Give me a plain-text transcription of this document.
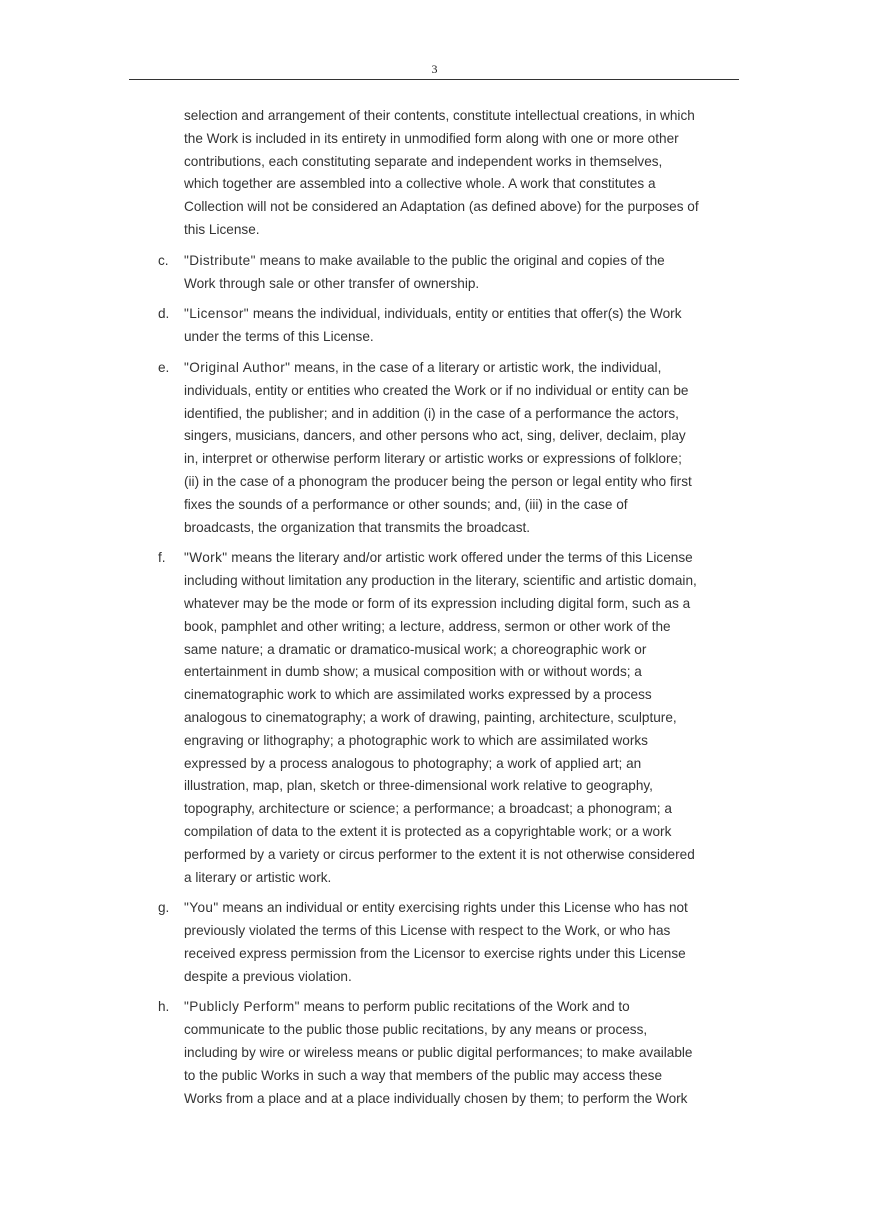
3
selection and arrangement of their contents, constitute intellectual creations, in which
the Work is included in its entirety in unmodified form along with one or more other
contributions, each constituting separate and independent works in themselves,
which together are assembled into a collective whole. A work that constitutes a
Collection will not be considered an Adaptation (as defined above) for the purposes of
this License.
c. "Distribute" means to make available to the public the original and copies of the
Work through sale or other transfer of ownership.
d. "Licensor" means the individual, individuals, entity or entities that offer(s) the Work
under the terms of this License.
e. "Original Author" means, in the case of a literary or artistic work, the individual,
individuals, entity or entities who created the Work or if no individual or entity can be
identified, the publisher; and in addition (i) in the case of a performance the actors,
singers, musicians, dancers, and other persons who act, sing, deliver, declaim, play
in, interpret or otherwise perform literary or artistic works or expressions of folklore;
(ii) in the case of a phonogram the producer being the person or legal entity who first
fixes the sounds of a performance or other sounds; and, (iii) in the case of
broadcasts, the organization that transmits the broadcast.
f. "Work" means the literary and/or artistic work offered under the terms of this License
including without limitation any production in the literary, scientific and artistic domain,
whatever may be the mode or form of its expression including digital form, such as a
book, pamphlet and other writing; a lecture, address, sermon or other work of the
same nature; a dramatic or dramatico-musical work; a choreographic work or
entertainment in dumb show; a musical composition with or without words; a
cinematographic work to which are assimilated works expressed by a process
analogous to cinematography; a work of drawing, painting, architecture, sculpture,
engraving or lithography; a photographic work to which are assimilated works
expressed by a process analogous to photography; a work of applied art; an
illustration, map, plan, sketch or three-dimensional work relative to geography,
topography, architecture or science; a performance; a broadcast; a phonogram; a
compilation of data to the extent it is protected as a copyrightable work; or a work
performed by a variety or circus performer to the extent it is not otherwise considered
a literary or artistic work.
g. "You" means an individual or entity exercising rights under this License who has not
previously violated the terms of this License with respect to the Work, or who has
received express permission from the Licensor to exercise rights under this License
despite a previous violation.
h. "Publicly Perform" means to perform public recitations of the Work and to
communicate to the public those public recitations, by any means or process,
including by wire or wireless means or public digital performances; to make available
to the public Works in such a way that members of the public may access these
Works from a place and at a place individually chosen by them; to perform the Work
